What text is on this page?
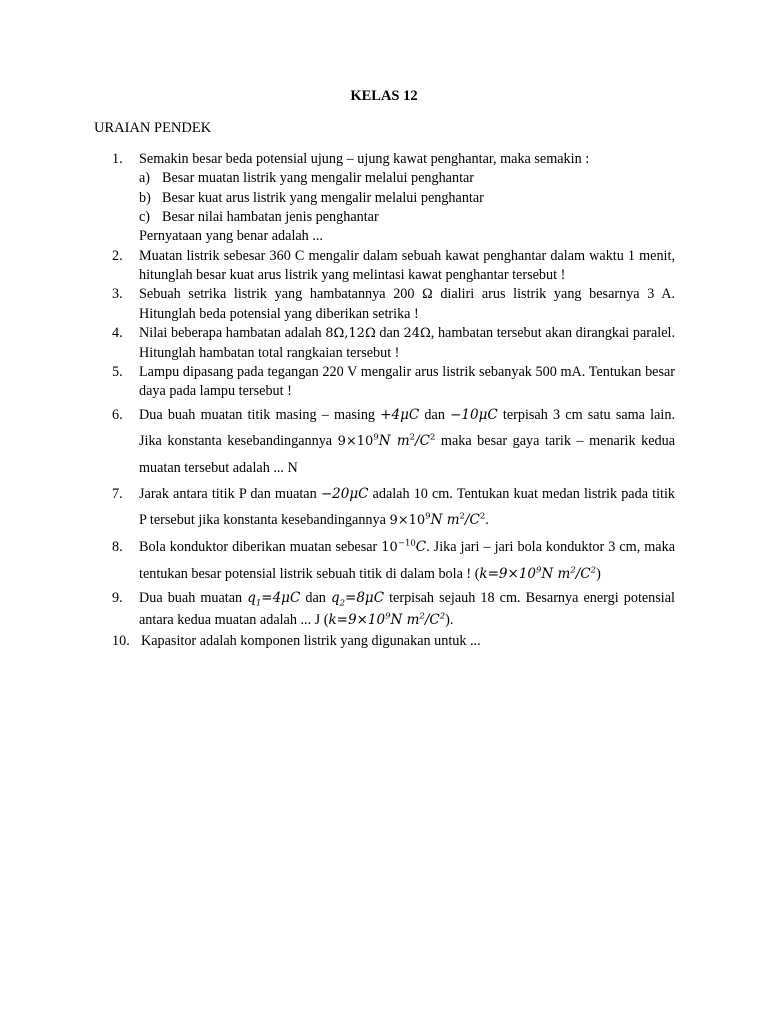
KELAS 12
URAIAN PENDEK
1.	Semakin besar beda potensial ujung – ujung kawat penghantar, maka semakin :
a) Besar muatan listrik yang mengalir melalui penghantar
b) Besar kuat arus listrik yang mengalir melalui penghantar
c) Besar nilai hambatan jenis penghantar
Pernyataan yang benar adalah ...
2.	Muatan listrik sebesar 360 C mengalir dalam sebuah kawat penghantar dalam waktu 1 menit, hitunglah besar kuat arus listrik yang melintasi kawat penghantar tersebut !
3.	Sebuah setrika listrik yang hambatannya 200 Ω dialiri arus listrik yang besarnya 3 A. Hitunglah beda potensial yang diberikan setrika !
4.	Nilai beberapa hambatan adalah 8Ω,12Ω dan 24Ω, hambatan tersebut akan dirangkai paralel. Hitunglah hambatan total rangkaian tersebut !
5.	Lampu dipasang pada tegangan 220 V mengalir arus listrik sebanyak 500 mA. Tentukan besar daya pada lampu tersebut !
6.	Dua buah muatan titik masing – masing +4μC dan −10μC terpisah 3 cm satu sama lain. Jika konstanta kesebandingannya $9\times 10^9N$ $m^2/C^2$ maka besar gaya tarik – menarik kedua muatan tersebut adalah ... N
7.	Jarak antara titik P dan muatan −20μC adalah 10 cm. Tentukan kuat medan listrik pada titik P tersebut jika konstanta kesebandingannya $9\times 10^9N$ $m^2/C^2$.
8.	Bola konduktor diberikan muatan sebesar $10^{-10}C$. Jika jari – jari bola konduktor 3 cm, maka tentukan besar potensial listrik sebuah titik di dalam bola ! ($k=9\times 10^9N$ $m^2/C^2$)
9.	Dua buah muatan $q_1=4\mu C$ dan $q_2=8\mu C$ terpisah sejauh 18 cm. Besarnya energi potensial antara kedua muatan adalah ... J ($k=9\times 10^9N$ $m^2/C^2$).
10. Kapasitor adalah komponen listrik yang digunakan untuk ...
